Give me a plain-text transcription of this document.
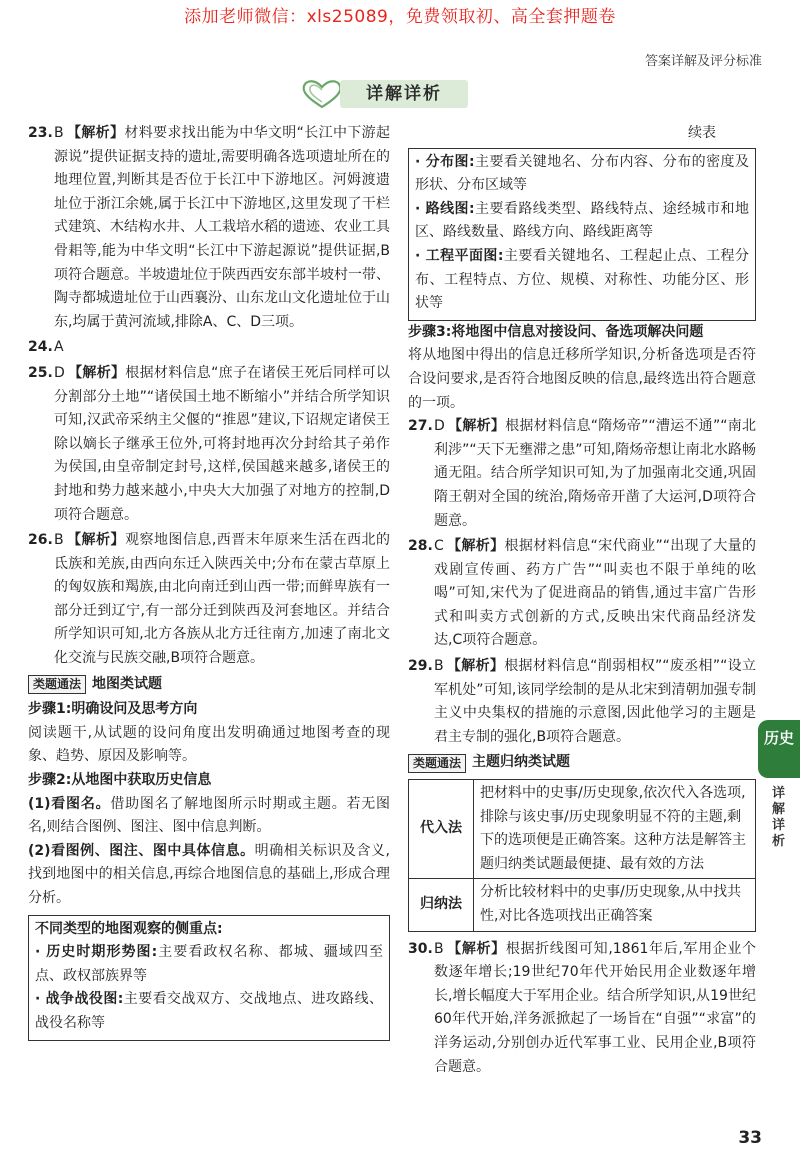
添加老师微信：xls25089，免费领取初、高全套押题卷
答案详解及评分标准
详解详析
23. B 【解析】材料要求找出能为中华文明“长江中下游起源说”提供证据支持的遗址,需要明确各选项遗址所在的地理位置,判断其是否位于长江中下游地区。河姆渡遗址位于浙江余姚,属于长江中下游地区,这里发现了干栏式建筑、木结构水井、人工栽培水稻的遗迹、农业工具骨耜等,能为中华文明“长江中下游起源说”提供证据,B项符合题意。半坡遗址位于陕西西安东部半坡村一带、陶寺都城遗址位于山西襄汾、山东龙山文化遗址位于山东,均属于黄河流域,排除A、C、D三项。
24. A
25. D 【解析】根据材料信息“庶子在诸侯王死后同样可以分割部分土地”“诸侯国土地不断缩小”并结合所学知识可知,汉武帝采纳主父偃的“推恩”建议,下诏规定诸侯王除以嫡长子继承王位外,可将封地再次分封给其子弟作为侯国,由皇帝制定封号,这样,侯国越来越多,诸侯王的封地和势力越来越小,中央大大加强了对地方的控制,D项符合题意。
26. B 【解析】观察地图信息,西晋末年原来生活在西北的氐族和羌族,由西向东迁入陕西关中;分布在蒙古草原上的匈奴族和羯族,由北向南迁到山西一带;而鲜卑族有一部分迁到辽宁,有一部分迁到陕西及河套地区。并结合所学知识可知,北方各族从北方迁往南方,加速了南北文化交流与民族交融,B项符合题意。
类题通法 地图类试题
步骤1:明确设问及思考方向
阅读题干,从试题的设问角度出发明确通过地图考查的现象、趋势、原因及影响等。
步骤2:从地图中获取历史信息
(1)看图名。借助图名了解地图所示时期或主题。若无图名,则结合图例、图注、图中信息判断。
(2)看图例、图注、图中具体信息。明确相关标识及含义,找到地图中的相关信息,再综合地图信息的基础上,形成合理分析。
不同类型的地图观察的侧重点:
· 历史时期形势图:主要看政权名称、都城、疆域四至点、政权部族界等
· 战争战役图:主要看交战双方、交战地点、进攻路线、战役名称等
续表
· 分布图:主要看关键地名、分布内容、分布的密度及形状、分布区域等
· 路线图:主要看路线类型、路线特点、途经城市和地区、路线数量、路线方向、路线距离等
· 工程平面图:主要看关键地名、工程起止点、工程分布、工程特点、方位、规模、对称性、功能分区、形状等
步骤3:将地图中信息对接设问、备选项解决问题
将从地图中得出的信息迁移所学知识,分析备选项是否符合设问要求,是否符合地图反映的信息,最终选出符合题意的一项。
27. D 【解析】根据材料信息“隋炀帝”“漕运不通”“南北利涉”“天下无壅滞之患”可知,隋炀帝想让南北水路畅通无阻。结合所学知识可知,为了加强南北交通,巩固隋王朝对全国的统治,隋炀帝开凿了大运河,D项符合题意。
28. C 【解析】根据材料信息“宋代商业”“出现了大量的戏剧宣传画、药方广告”“叫卖也不限于单纯的吆喝”可知,宋代为了促进商品的销售,通过丰富广告形式和叫卖方式创新的方式,反映出宋代商品经济发达,C项符合题意。
29. B 【解析】根据材料信息“削弱相权”“废丞相”“设立军机处”可知,该同学绘制的是从北宋到清朝加强专制主义中央集权的措施的示意图,因此他学习的主题是君主专制的强化,B项符合题意。
类题通法 主题归纳类试题
代入法	把材料中的史事/历史现象,依次代入各选项,排除与该史事/历史现象明显不符的主题,剩下的选项便是正确答案。这种方法是解答主题归纳类试题最便捷、最有效的方法
归纳法	分析比较材料中的史事/历史现象,从中找共性,对比各选项找出正确答案
30. B 【解析】根据折线图可知,1861年后,军用企业个数逐年增长;19世纪70年代开始民用企业数逐年增长,增长幅度大于军用企业。结合所学知识,从19世纪60年代开始,洋务派掀起了一场旨在“自强”“求富”的洋务运动,分别创办近代军事工业、民用企业,B项符合题意。
历史
详解详析
33
